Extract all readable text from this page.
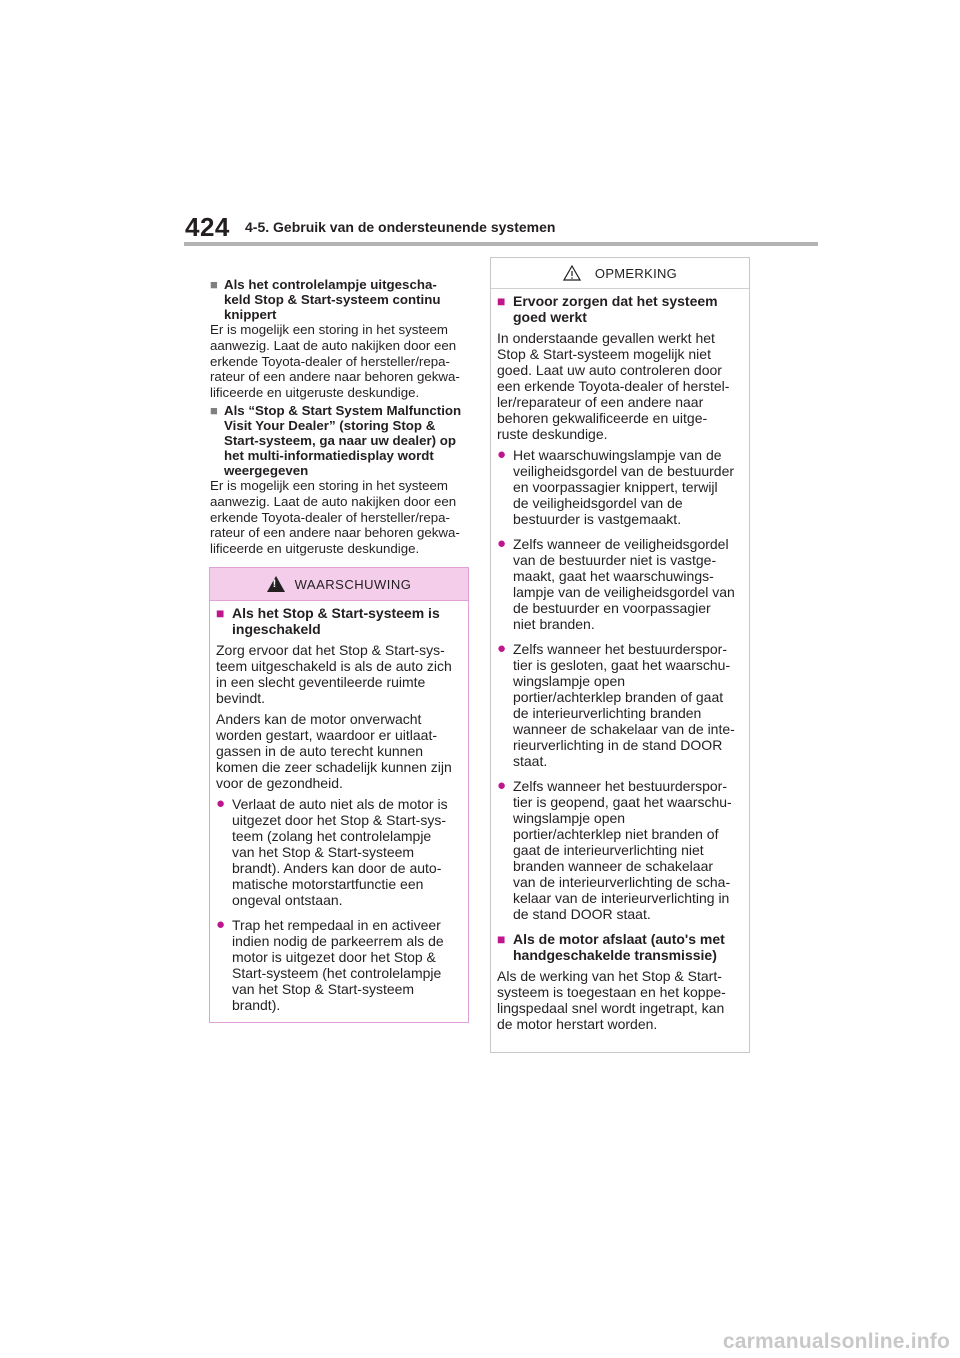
424 4-5. Gebruik van de ondersteunende systemen

■ Als het controlelampje uitgescha-
keld Stop & Start-systeem continu
knippert

Er is mogelijk een storing in het systeem
aanwezig. Laat de auto nakijken door een
erkende Toyota-dealer of hersteller/repa-
rateur of een andere naar behoren gekwa-
lificeerde en uitgeruste deskundige.

■ Als “Stop & Start System Malfunction
Visit Your Dealer” (storing Stop &
Start-systeem, ga naar uw dealer) op
het multi-informatiedisplay wordt
weergegeven

Er is mogelijk een storing in het systeem
aanwezig. Laat de auto nakijken door een
erkende Toyota-dealer of hersteller/repa-
rateur of een andere naar behoren gekwa-
lificeerde en uitgeruste deskundige.

!
WAARSCHUWING

■ Als het Stop & Start-systeem is
ingeschakeld

Zorg ervoor dat het Stop & Start-sys-
teem uitgeschakeld is als de auto zich
in een slecht geventileerde ruimte
bevindt.

Anders kan de motor onverwacht
worden gestart, waardoor er uitlaat-
gassen in de auto terecht kunnen
komen die zeer schadelijk kunnen zijn
voor de gezondheid.

● Verlaat de auto niet als de motor is
uitgezet door het Stop & Start-sys-
teem (zolang het controlelampje
van het Stop & Start-systeem
brandt). Anders kan door de auto-
matische motorstartfunctie een
ongeval ontstaan.
● Trap het rempedaal in en activeer
indien nodig de parkeerrem als de
motor is uitgezet door het Stop &
Start-systeem (het controlelampje
van het Stop & Start-systeem
brandt).
OPMERKING

■ Ervoor zorgen dat het systeem
goed werkt

In onderstaande gevallen werkt het
Stop & Start-systeem mogelijk niet
goed. Laat uw auto controleren door
een erkende Toyota-dealer of herstel-
ler/reparateur of een andere naar
behoren gekwalificeerde en uitge-
ruste deskundige.

● Het waarschuwingslampje van de
veiligheidsgordel van de bestuurder
en voorpassagier knippert, terwijl
de veiligheidsgordel van de
bestuurder is vastgemaakt.
● Zelfs wanneer de veiligheidsgordel
van de bestuurder niet is vastge-
maakt, gaat het waarschuwings-
lampje van de veiligheidsgordel van
de bestuurder en voorpassagier
niet branden.
● Zelfs wanneer het bestuurderspor-
tier is gesloten, gaat het waarschu-
wingslampje open
portier/achterklep branden of gaat
de interieurverlichting branden
wanneer de schakelaar van de inte-
rieurverlichting in de stand DOOR
staat.
● Zelfs wanneer het bestuurderspor-
tier is geopend, gaat het waarschu-
wingslampje open
portier/achterklep niet branden of
gaat de interieurverlichting niet
branden wanneer de schakelaar
van de interieurverlichting de scha-
kelaar van de interieurverlichting in
de stand DOOR staat.

■ Als de motor afslaat (auto's met
handgeschakelde transmissie)

Als de werking van het Stop & Start-
systeem is toegestaan en het koppe-
lingspedaal snel wordt ingetrapt, kan
de motor herstart worden.

carmanualsonline.info
